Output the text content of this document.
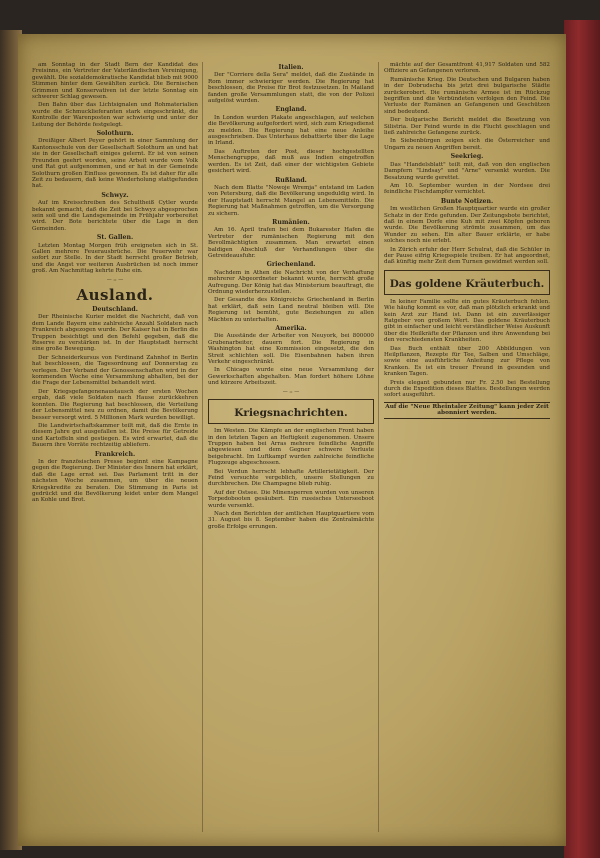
am Sonntag in der Stadt Bern der Kandidat des Freisinns, ein Vertreter der Vaterländischen Vereinigung, gewählt. Die sozialdemokratische Kandidat blieb mit 9000 Stimmen hinter dem Gewählten zurück. Die Bernischen Grimmen und Konservativen ist der letzte Sonntag ein schwerer Schlag gewesen.

Den Bahn über das Lichtsignalen und Rohmaterialien wurde die Schmucklieferanten stark eingeschränkt, die Kontrolle der Warenposten war schwierig und unter der Leitung der Behörde festgelegt.

Solothurn.

Dreißiger Albert Peyer gehört in einer Sammlung der Kantonsschule von der Gesellschaft Solothurn an und hat sie in der Gesellschaft einiges gelernt. Er ist von seinen Freunden geehrt worden, seine Arbeit wurde vom Volk und Rat gut aufgenommen, und er hat in der Gemeinde Solothurn großen Einfluss gewonnen. Es ist daher für alle Zeit zu bedauern, daß keine Wiederholung stattgefunden hat.

Schwyz.

Auf im Kreisschreiben des Schultheiß Cytler wurde bekannt gemacht, daß die Zeit bei Schwyz abgesprochen sein soll und die Landsgemeinde im Frühjahr vorbereitet wird. Der Bote berichtete über die Lage in den Gemeinden.

St. Gallen.

Letzten Montag Morgen früh ereigneten sich in St. Gallen mehrere Feuerausbrüche. Die Feuerwehr war sofort zur Stelle. In der Stadt herrscht großer Betrieb, und die Angst vor weiteren Ausbrüchen ist noch immer groß. Am Nachmittag kehrte Ruhe ein.

— :: —
Ausland.
Deutschland.

Der Rheinische Kurier meldet die Nachricht, daß von dem Lande Bayern eine zahlreiche Anzahl Soldaten nach Frankreich abgezogen wurde. Der Kaiser hat in Berlin die Truppen besichtigt und den Befehl gegeben, daß die Reserve zu verstärken ist. In der Hauptstadt herrscht eine große Bewegung.

Der Schneiderkursus von Ferdinand Zahnhof in Berlin hat beschlossen, die Tagesordnung auf Donnerstag zu verlegen. Der Verband der Genossenschaften wird in der kommenden Woche eine Versammlung abhalten, bei der die Frage der Lebensmittel behandelt wird.

Der Kriegsgefangenenaustausch der ersten Wochen ergab, daß viele Soldaten nach Hause zurückkehren konnten. Die Regierung hat beschlossen, die Verteilung der Lebensmittel neu zu ordnen, damit die Bevölkerung besser versorgt wird. 5 Millionen Mark wurden bewilligt.

Die Landwirtschaftskammer teilt mit, daß die Ernte in diesem Jahre gut ausgefallen ist. Die Preise für Getreide und Kartoffeln sind gestiegen. Es wird erwartet, daß die Bauern ihre Vorräte rechtzeitig abliefern.

Frankreich.

In der französischen Presse beginnt eine Kampagne gegen die Regierung. Der Minister des Innern hat erklärt, daß die Lage ernst sei. Das Parlament tritt in der nächsten Woche zusammen, um über die neuen Kriegskredite zu beraten. Die Stimmung in Paris ist gedrückt und die Bevölkerung leidet unter dem Mangel an Kohle und Brot.

Italien.

Der "Corriere della Sera" meldet, daß die Zustände in Rom immer schwieriger werden. Die Regierung hat beschlossen, die Preise für Brot festzusetzen. In Mailand fanden große Versammlungen statt, die von der Polizei aufgelöst wurden.

England.

In London wurden Plakate angeschlagen, auf welchen die Bevölkerung aufgefordert wird, sich zum Kriegsdienst zu melden. Die Regierung hat eine neue Anleihe ausgeschrieben. Das Unterhaus debattierte über die Lage in Irland.

Das Auftreten der Post, dieser hochgestellten Menschengruppe, daß muß aus Indien eingetroffen werden. Es ist Zeit, daß einer der wichtigsten Gebiete gesichert wird.

Rußland.

Nach dem Blatte "Nowoje Wremja" entstand im Laden von Petersburg, daß die Bevölkerung ungeduldig wird. In der Hauptstadt herrscht Mangel an Lebensmitteln. Die Regierung hat Maßnahmen getroffen, um die Versorgung zu sichern.

Rumänien.

Am 16. April trafen bei dem Bukarester Hafen die Vertreter der rumänischen Regierung mit den Bevollmächtigten zusammen. Man erwartet einen baldigen Abschluß der Verhandlungen über die Getreideausfuhr.

Griechenland.

Nachdem in Athen die Nachricht von der Verhaftung mehrerer Abgeordneter bekannt wurde, herrscht große Aufregung. Der König hat das Ministerium beauftragt, die Ordnung wiederherzustellen.

Der Gesandte des Königreichs Griechenland in Berlin hat erklärt, daß sein Land neutral bleiben will. Die Regierung ist bemüht, gute Beziehungen zu allen Mächten zu unterhalten.

Amerika.

Die Ausstände der Arbeiter von Neuyork, bei 800000 Grubenarbeiter, dauern fort. Die Regierung in Washington hat eine Kommission eingesetzt, die den Streit schlichten soll. Die Eisenbahnen haben ihren Verkehr eingeschränkt.

In Chicago wurde eine neue Versammlung der Gewerkschaften abgehalten. Man fordert höhere Löhne und kürzere Arbeitszeit.

— :: —
Kriegsnachrichten.

Im Westen. Die Kämpfe an der englischen Front haben in den letzten Tagen an Heftigkeit zugenommen. Unsere Truppen haben bei Arras mehrere feindliche Angriffe abgewiesen und dem Gegner schwere Verluste beigebracht. Im Luftkampf wurden zahlreiche feindliche Flugzeuge abgeschossen.

Bei Verdun herrscht lebhafte Artillerietätigkeit. Der Feind versuchte vergeblich, unsere Stellungen zu durchbrechen. Die Champagne blieb ruhig.

Auf der Ostsee. Die Minensperren wurden von unseren Torpedobooten gesäubert. Ein russisches Unterseeboot wurde versenkt.

Nach den Berichten der amtlichen Hauptquartiere vom 31. August bis 8. September haben die Zentralmächte große Erfolge errungen.

mächte auf der Gesamtfront 41,917 Soldaten und 582 Offiziere an Gefangenen verloren.

Rumänische Krieg. Die Deutschen und Bulgaren haben in der Dobrudscha bis jetzt drei bulgarische Städte zurückerobert. Die rumänische Armee ist im Rückzug begriffen und die Verbündeten verfolgen den Feind. Die Verluste der Rumänen an Gefangenen und Geschützen sind bedeutend.

Der bulgarische Bericht meldet die Besetzung von Silistria. Der Feind wurde in die Flucht geschlagen und ließ zahlreiche Gefangene zurück.

In Siebenbürgen zeigen sich die Österreicher und Ungarn zu neuen Angriffen bereit.

Seekrieg.

Das "Handelsblatt" teilt mit, daß von den englischen Dampfern "Lindsay" und "Arne" versenkt wurden. Die Besatzung wurde gerettet.

Am 10. September wurden in der Nordsee drei feindliche Fischdampfer vernichtet.

Bunte Notizen.

Im westlichen Großen Hauptquartier wurde ein großer Schatz in der Erde gefunden. Der Zeitungsbote berichtet, daß in einem Dorfe eine Kuh mit zwei Köpfen geboren wurde. Die Bevölkerung strömte zusammen, um das Wunder zu sehen. Ein alter Bauer erklärte, er habe solches noch nie erlebt.

In Zürich erfuhr der Herr Schulrat, daß die Schüler in der Pause eifrig Kriegsspiele treiben. Er hat angeordnet, daß künftig mehr Zeit dem Turnen gewidmet werden soll.

Das goldene Kräuterbuch.

In keiner Familie sollte ein gutes Kräuterbuch fehlen. Wie häufig kommt es vor, daß man plötzlich erkrankt und kein Arzt zur Hand ist. Dann ist ein zuverlässiger Ratgeber von großem Wert. Das goldene Kräuterbuch gibt in einfacher und leicht verständlicher Weise Auskunft über die Heilkräfte der Pflanzen und ihre Anwendung bei den verschiedensten Krankheiten.

Das Buch enthält über 200 Abbildungen von Heilpflanzen, Rezepte für Tee, Salben und Umschläge, sowie eine ausführliche Anleitung zur Pflege von Kranken. Es ist ein treuer Freund in gesunden und kranken Tagen.

Preis elegant gebunden nur Fr. 2.50 bei Bestellung durch die Expedition dieses Blattes. Bestellungen werden sofort ausgeführt.

Auf die "Neue Rheintaler Zeitung" kann jeder Zeit abonniert werden.
